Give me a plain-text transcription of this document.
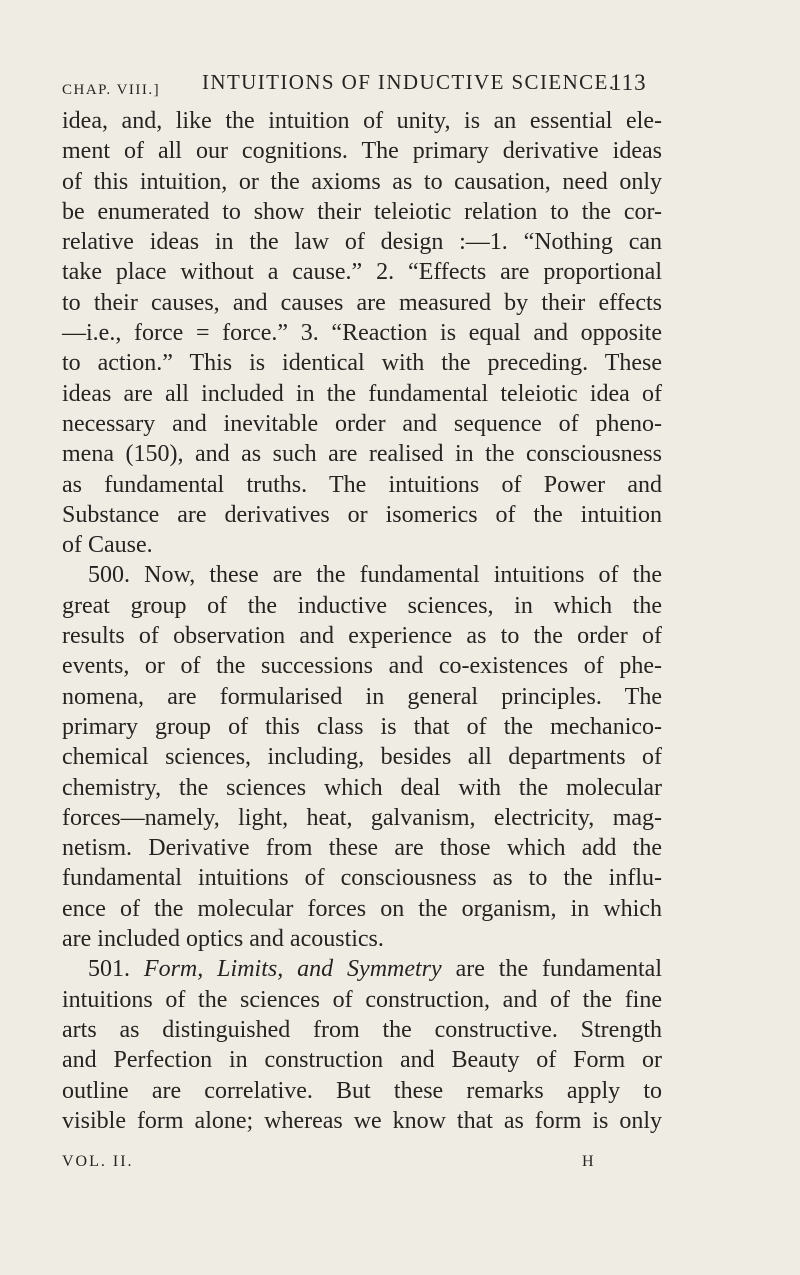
CHAP. VIII.] INTUITIONS OF INDUCTIVE SCIENCE.
113
idea, and, like the intuition of unity, is an essential ele-
ment of all our cognitions. The primary derivative ideas
of this intuition, or the axioms as to causation, need only
be enumerated to show their teleiotic relation to the cor-
relative ideas in the law of design :—1. “Nothing can
take place without a cause.” 2. “Effects are proportional
to their causes, and causes are measured by their effects
—i.e., force = force.” 3. “Reaction is equal and opposite
to action.” This is identical with the preceding. These
ideas are all included in the fundamental teleiotic idea of
necessary and inevitable order and sequence of pheno-
mena (150), and as such are realised in the consciousness
as fundamental truths. The intuitions of Power and
Substance are derivatives or isomerics of the intuition
of Cause.
500. Now, these are the fundamental intuitions of the
great group of the inductive sciences, in which the
results of observation and experience as to the order of
events, or of the successions and co-existences of phe-
nomena, are formularised in general principles. The
primary group of this class is that of the mechanico-
chemical sciences, including, besides all departments of
chemistry, the sciences which deal with the molecular
forces—namely, light, heat, galvanism, electricity, mag-
netism. Derivative from these are those which add the
fundamental intuitions of consciousness as to the influ-
ence of the molecular forces on the organism, in which
are included optics and acoustics.
501. Form, Limits, and Symmetry are the fundamental
intuitions of the sciences of construction, and of the fine
arts as distinguished from the constructive. Strength
and Perfection in construction and Beauty of Form or
outline are correlative. But these remarks apply to
visible form alone; whereas we know that as form is only
VOL. II.	H
